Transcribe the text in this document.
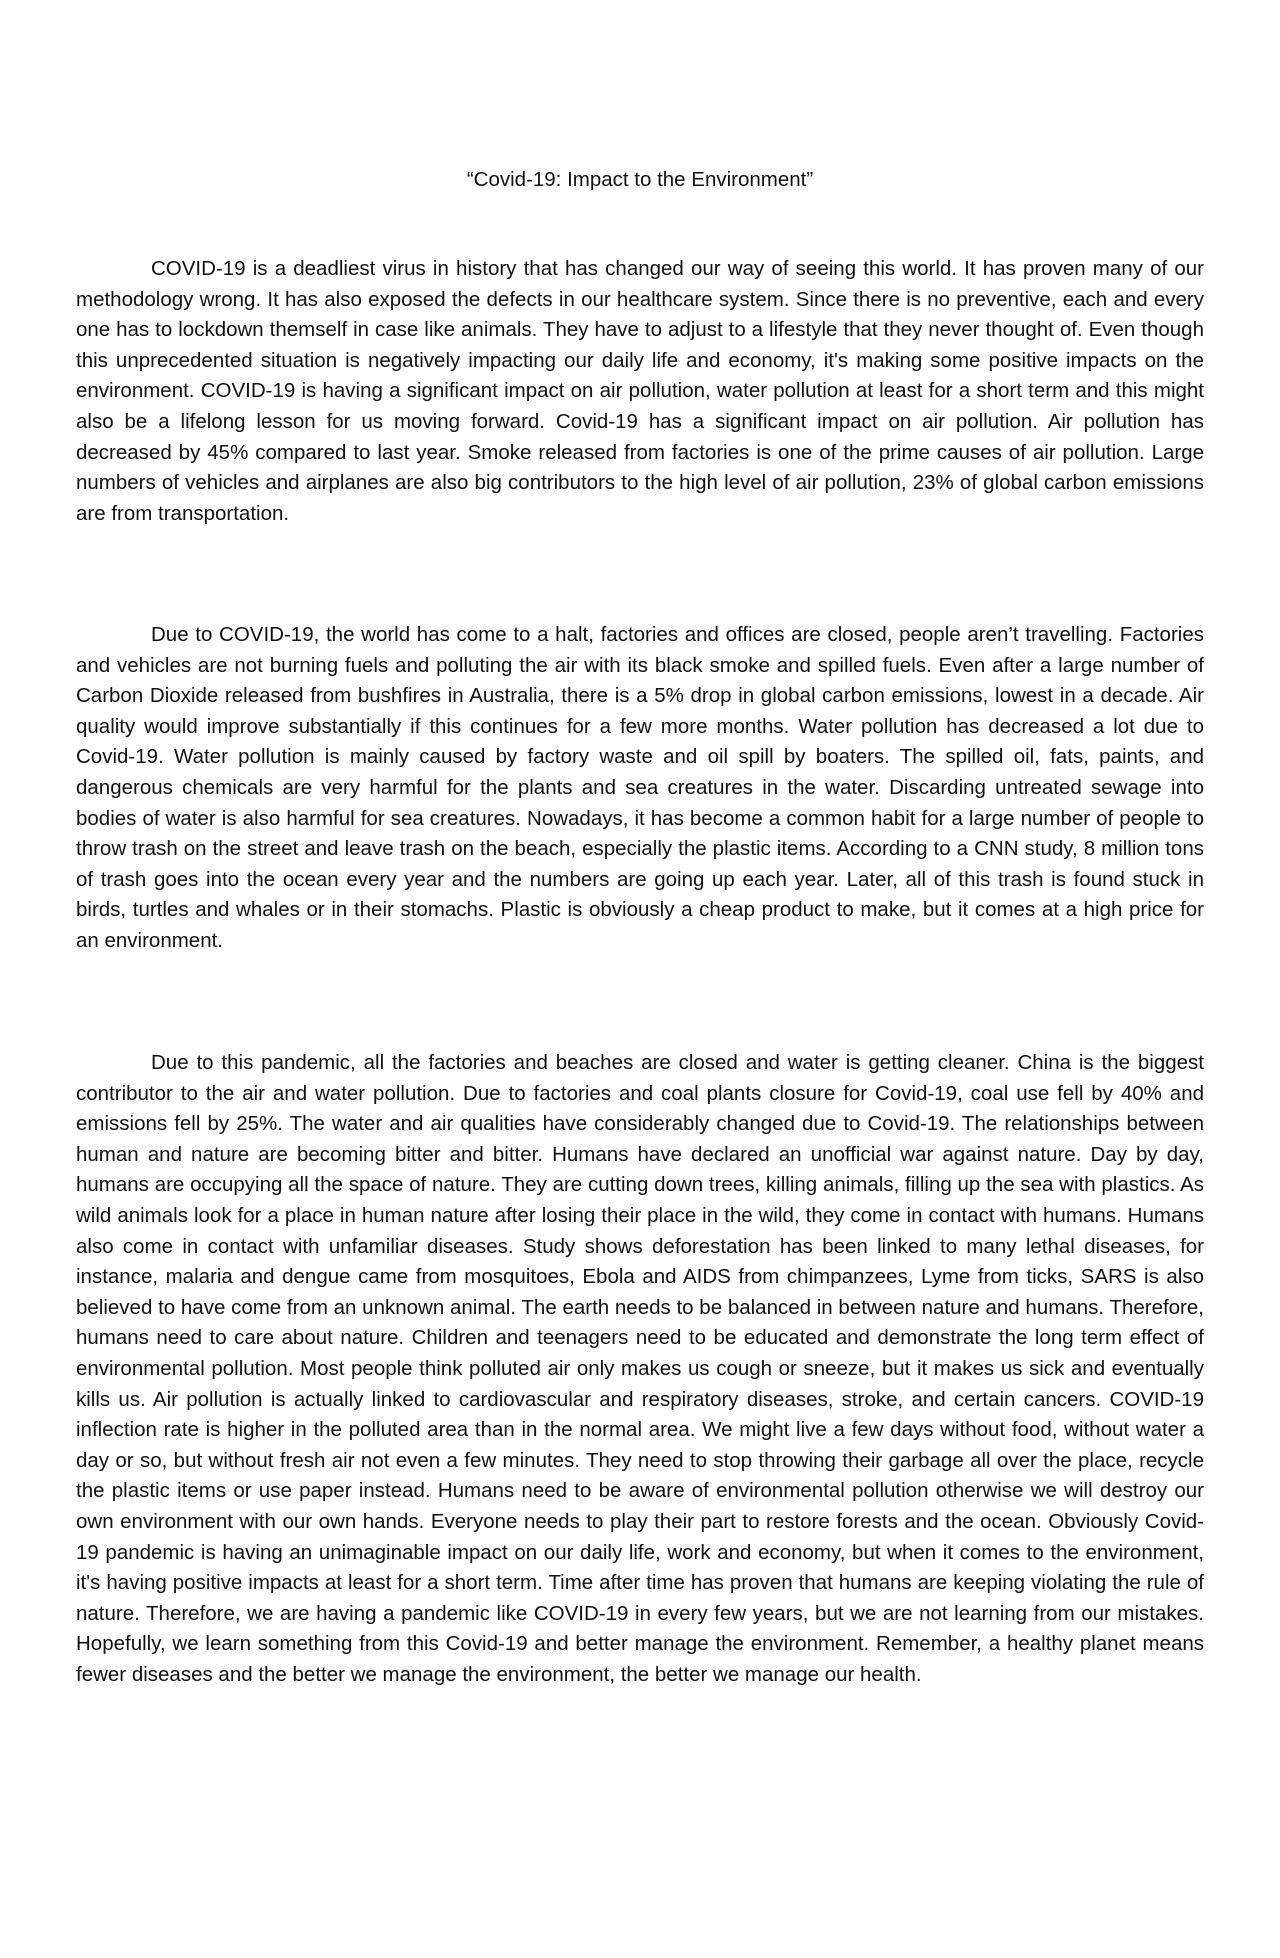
“Covid-19: Impact to the Environment”

COVID-19 is a deadliest virus in history that has changed our way of seeing this world. It has proven many of our methodology wrong. It has also exposed the defects in our healthcare system. Since there is no preventive, each and every one has to lockdown themself in case like animals. They have to adjust to a lifestyle that they never thought of. Even though this unprecedented situation is negatively impacting our daily life and economy, it's making some positive impacts on the environment. COVID-19 is having a significant impact on air pollution, water pollution at least for a short term and this might also be a lifelong lesson for us moving forward. Covid-19 has a significant impact on air pollution. Air pollution has decreased by 45% compared to last year. Smoke released from factories is one of the prime causes of air pollution. Large numbers of vehicles and airplanes are also big contributors to the high level of air pollution, 23% of global carbon emissions are from transportation.

Due to COVID-19, the world has come to a halt, factories and offices are closed, people aren’t travelling. Factories and vehicles are not burning fuels and polluting the air with its black smoke and spilled fuels. Even after a large number of Carbon Dioxide released from bushfires in Australia, there is a 5% drop in global carbon emissions, lowest in a decade. Air quality would improve substantially if this continues for a few more months. Water pollution has decreased a lot due to Covid-19. Water pollution is mainly caused by factory waste and oil spill by boaters. The spilled oil, fats, paints, and dangerous chemicals are very harmful for the plants and sea creatures in the water. Discarding untreated sewage into bodies of water is also harmful for sea creatures. Nowadays, it has become a common habit for a large number of people to throw trash on the street and leave trash on the beach, especially the plastic items. According to a CNN study, 8 million tons of trash goes into the ocean every year and the numbers are going up each year. Later, all of this trash is found stuck in birds, turtles and whales or in their stomachs. Plastic is obviously a cheap product to make, but it comes at a high price for an environment.

Due to this pandemic, all the factories and beaches are closed and water is getting cleaner. China is the biggest contributor to the air and water pollution. Due to factories and coal plants closure for Covid-19, coal use fell by 40% and emissions fell by 25%. The water and air qualities have considerably changed due to Covid-19. The relationships between human and nature are becoming bitter and bitter. Humans have declared an unofficial war against nature. Day by day, humans are occupying all the space of nature. They are cutting down trees, killing animals, filling up the sea with plastics. As wild animals look for a place in human nature after losing their place in the wild, they come in contact with humans. Humans also come in contact with unfamiliar diseases. Study shows deforestation has been linked to many lethal diseases, for instance, malaria and dengue came from mosquitoes, Ebola and AIDS from chimpanzees, Lyme from ticks, SARS is also believed to have come from an unknown animal. The earth needs to be balanced in between nature and humans. Therefore, humans need to care about nature. Children and teenagers need to be educated and demonstrate the long term effect of environmental pollution. Most people think polluted air only makes us cough or sneeze, but it makes us sick and eventually kills us. Air pollution is actually linked to cardiovascular and respiratory diseases, stroke, and certain cancers. COVID-19 inflection rate is higher in the polluted area than in the normal area. We might live a few days without food, without water a day or so, but without fresh air not even a few minutes. They need to stop throwing their garbage all over the place, recycle the plastic items or use paper instead. Humans need to be aware of environmental pollution otherwise we will destroy our own environment with our own hands. Everyone needs to play their part to restore forests and the ocean. Obviously Covid-19 pandemic is having an unimaginable impact on our daily life, work and economy, but when it comes to the environment, it's having positive impacts at least for a short term. Time after time has proven that humans are keeping violating the rule of nature. Therefore, we are having a pandemic like COVID-19 in every few years, but we are not learning from our mistakes. Hopefully, we learn something from this Covid-19 and better manage the environment. Remember, a healthy planet means fewer diseases and the better we manage the environment, the better we manage our health.
